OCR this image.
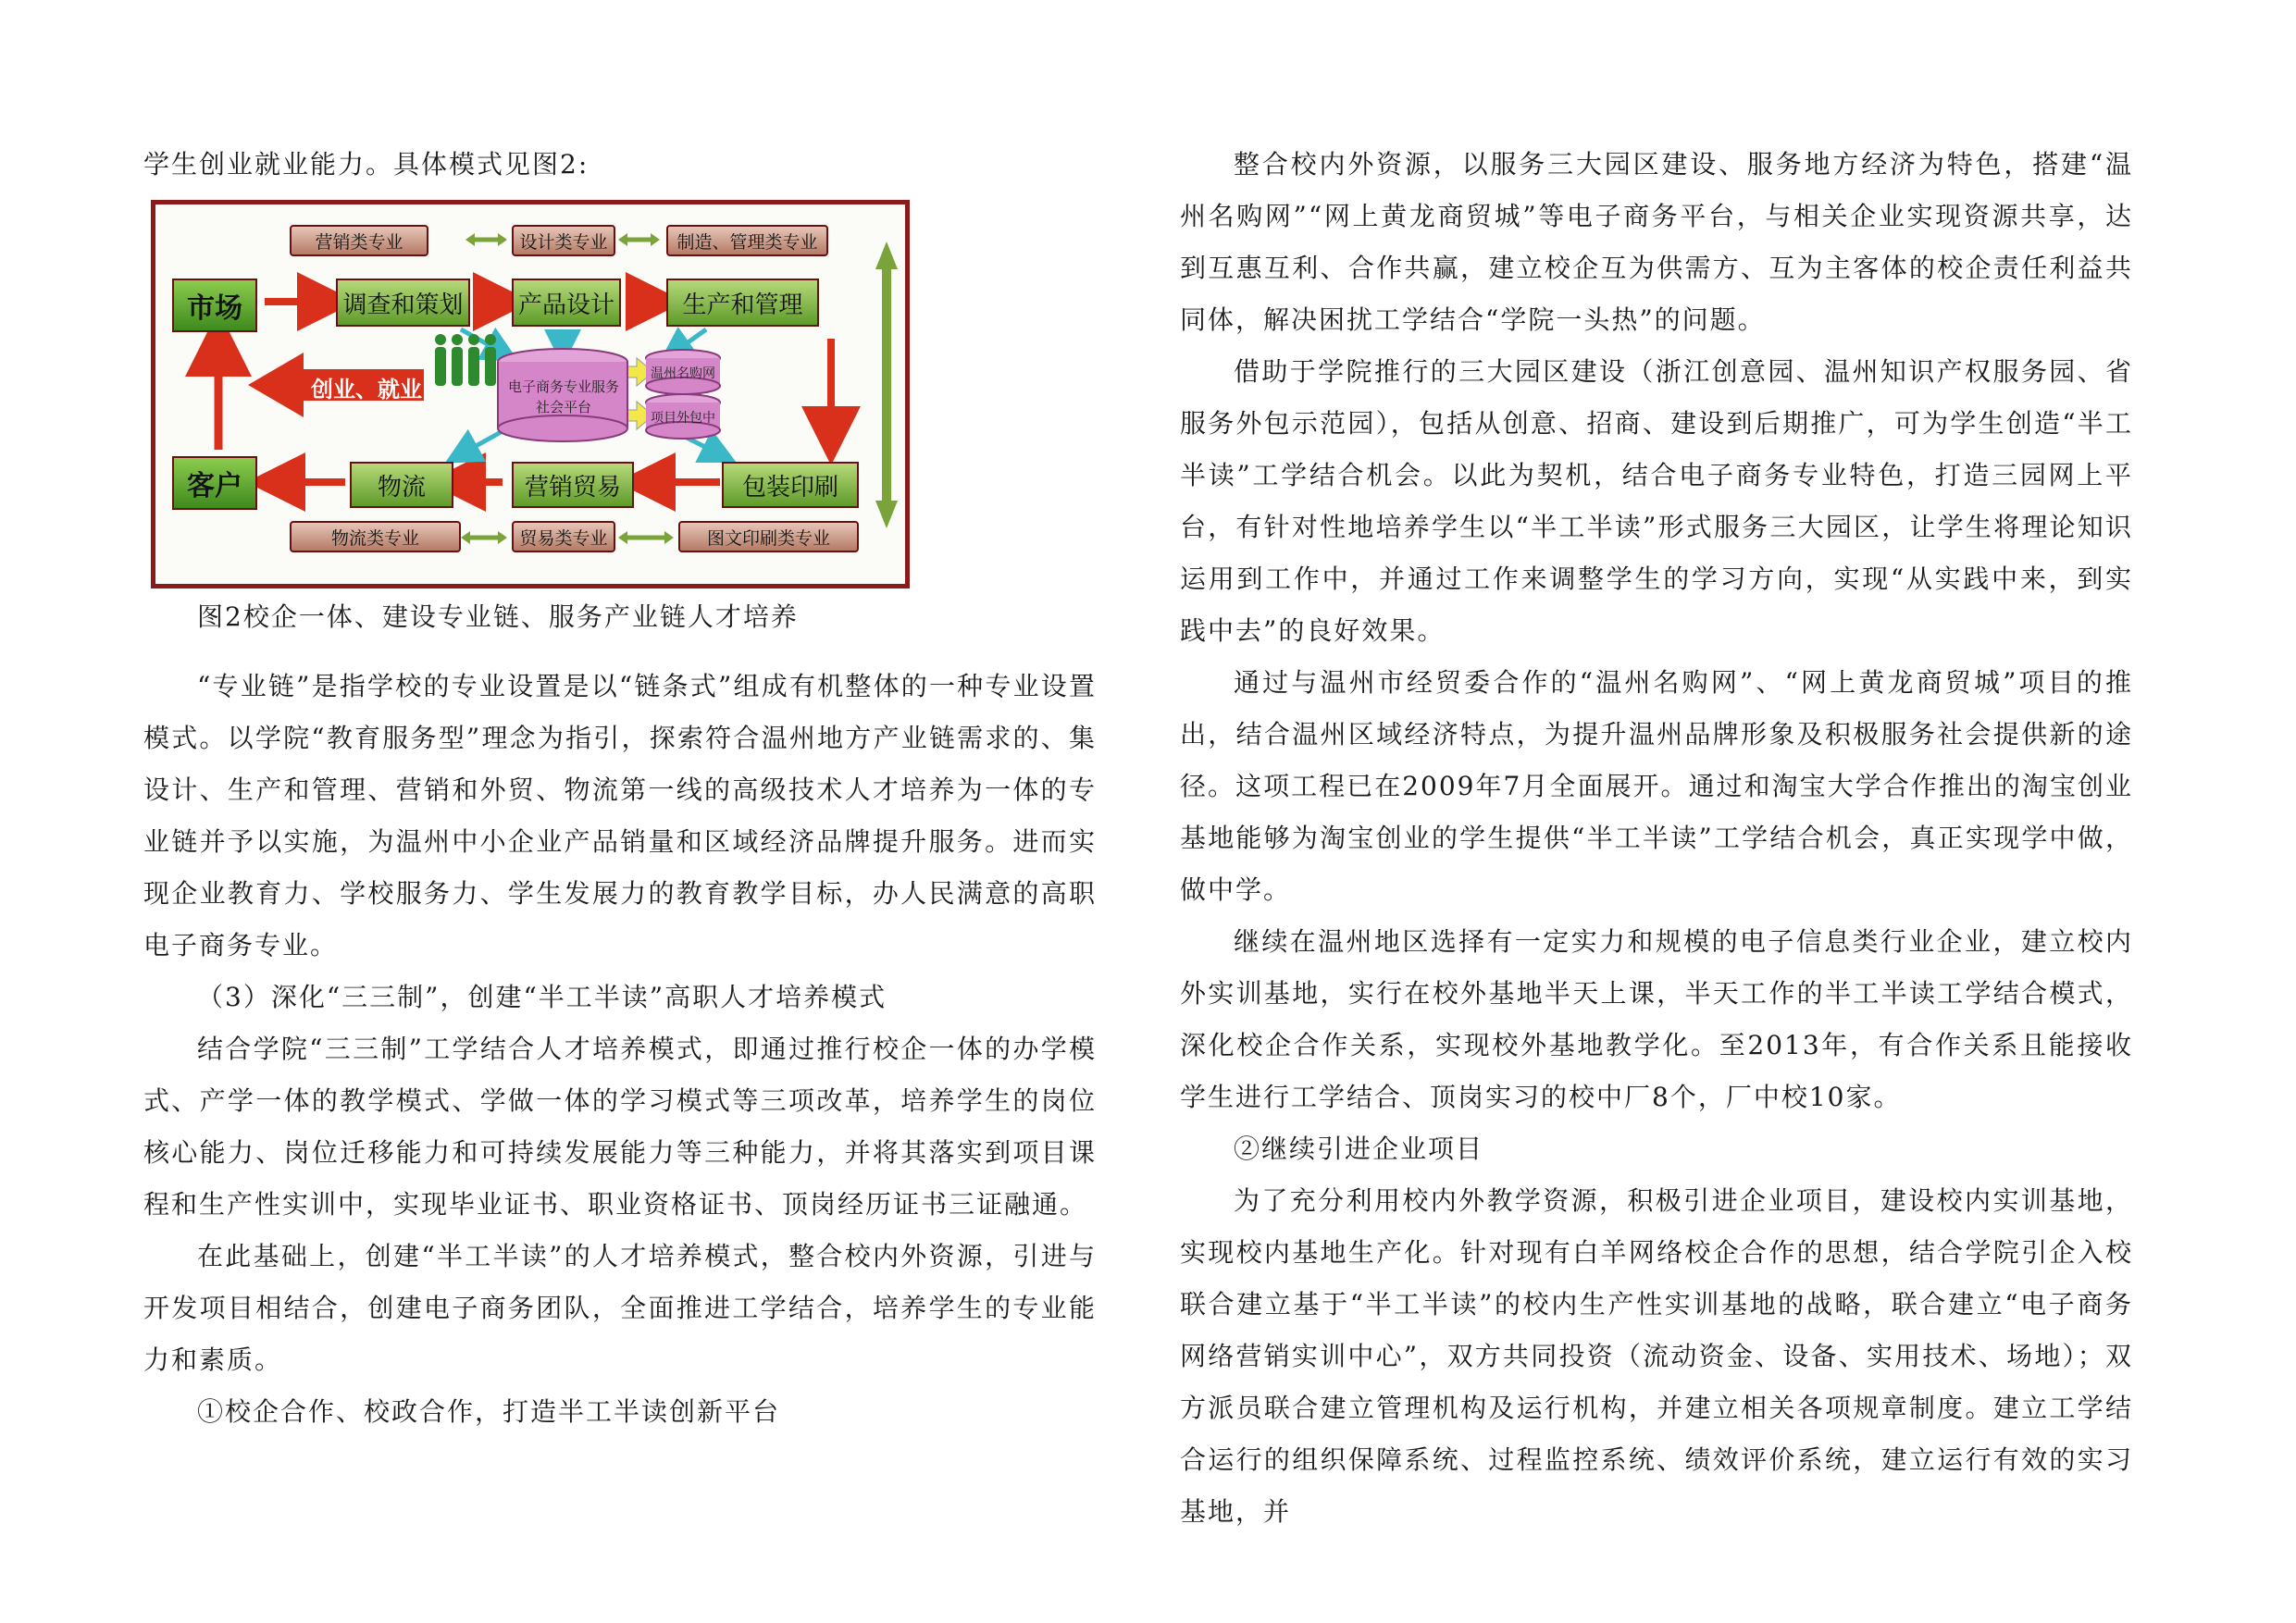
学生创业就业能力。具体模式见图2:

营销类专业	设计类专业	制造、管理类专业
市场	调查和策划 产品设计	生产和管理
创业、就业	电子商务专业服务社会平台
温州名购网
项目外包中
客户	物流	营销贸易	包装印刷
物流类专业	贸易类专业	图文印刷类专业

图2校企一体、建设专业链、服务产业链人才培养

“专业链”是指学校的专业设置是以“链条式”组成有机整体的一种专业设置模式。以学院“教育服务型”理念为指引，探索符合温州地方产业链需求的、集设计、生产和管理、营销和外贸、物流第一线的高级技术人才培养为一体的专业链并予以实施，为温州中小企业产品销量和区域经济品牌提升服务。进而实现企业教育力、学校服务力、学生发展力的教育教学目标，办人民满意的高职电子商务专业。

（3）深化“三三制”，创建“半工半读”高职人才培养模式

结合学院“三三制”工学结合人才培养模式，即通过推行校企一体的办学模式、产学一体的教学模式、学做一体的学习模式等三项改革，培养学生的岗位核心能力、岗位迁移能力和可持续发展能力等三种能力，并将其落实到项目课程和生产性实训中，实现毕业证书、职业资格证书、顶岗经历证书三证融通。

在此基础上，创建“半工半读”的人才培养模式，整合校内外资源，引进与开发项目相结合，创建电子商务团队，全面推进工学结合，培养学生的专业能力和素质。

①校企合作、校政合作，打造半工半读创新平台

整合校内外资源，以服务三大园区建设、服务地方经济为特色，搭建“温州名购网”“网上黄龙商贸城”等电子商务平台，与相关企业实现资源共享，达到互惠互利、合作共赢，建立校企互为供需方、互为主客体的校企责任利益共同体，解决困扰工学结合“学院一头热”的问题。

借助于学院推行的三大园区建设（浙江创意园、温州知识产权服务园、省服务外包示范园），包括从创意、招商、建设到后期推广，可为学生创造“半工半读”工学结合机会。以此为契机，结合电子商务专业特色，打造三园网上平台，有针对性地培养学生以“半工半读”形式服务三大园区，让学生将理论知识运用到工作中，并通过工作来调整学生的学习方向，实现“从实践中来，到实践中去”的良好效果。

通过与温州市经贸委合作的“温州名购网”、“网上黄龙商贸城”项目的推出，结合温州区域经济特点，为提升温州品牌形象及积极服务社会提供新的途径。这项工程已在2009年7月全面展开。通过和淘宝大学合作推出的淘宝创业基地能够为淘宝创业的学生提供“半工半读”工学结合机会，真正实现学中做，做中学。

继续在温州地区选择有一定实力和规模的电子信息类行业企业，建立校内外实训基地，实行在校外基地半天上课，半天工作的半工半读工学结合模式，深化校企合作关系，实现校外基地教学化。至2013年，有合作关系且能接收学生进行工学结合、顶岗实习的校中厂8个，厂中校10家。

②继续引进企业项目

为了充分利用校内外教学资源，积极引进企业项目，建设校内实训基地，实现校内基地生产化。针对现有白羊网络校企合作的思想，结合学院引企入校联合建立基于“半工半读”的校内生产性实训基地的战略，联合建立“电子商务网络营销实训中心”，双方共同投资（流动资金、设备、实用技术、场地）；双方派员联合建立管理机构及运行机构，并建立相关各项规章制度。建立工学结合运行的组织保障系统、过程监控系统、绩效评价系统，建立运行有效的实习基地，并
